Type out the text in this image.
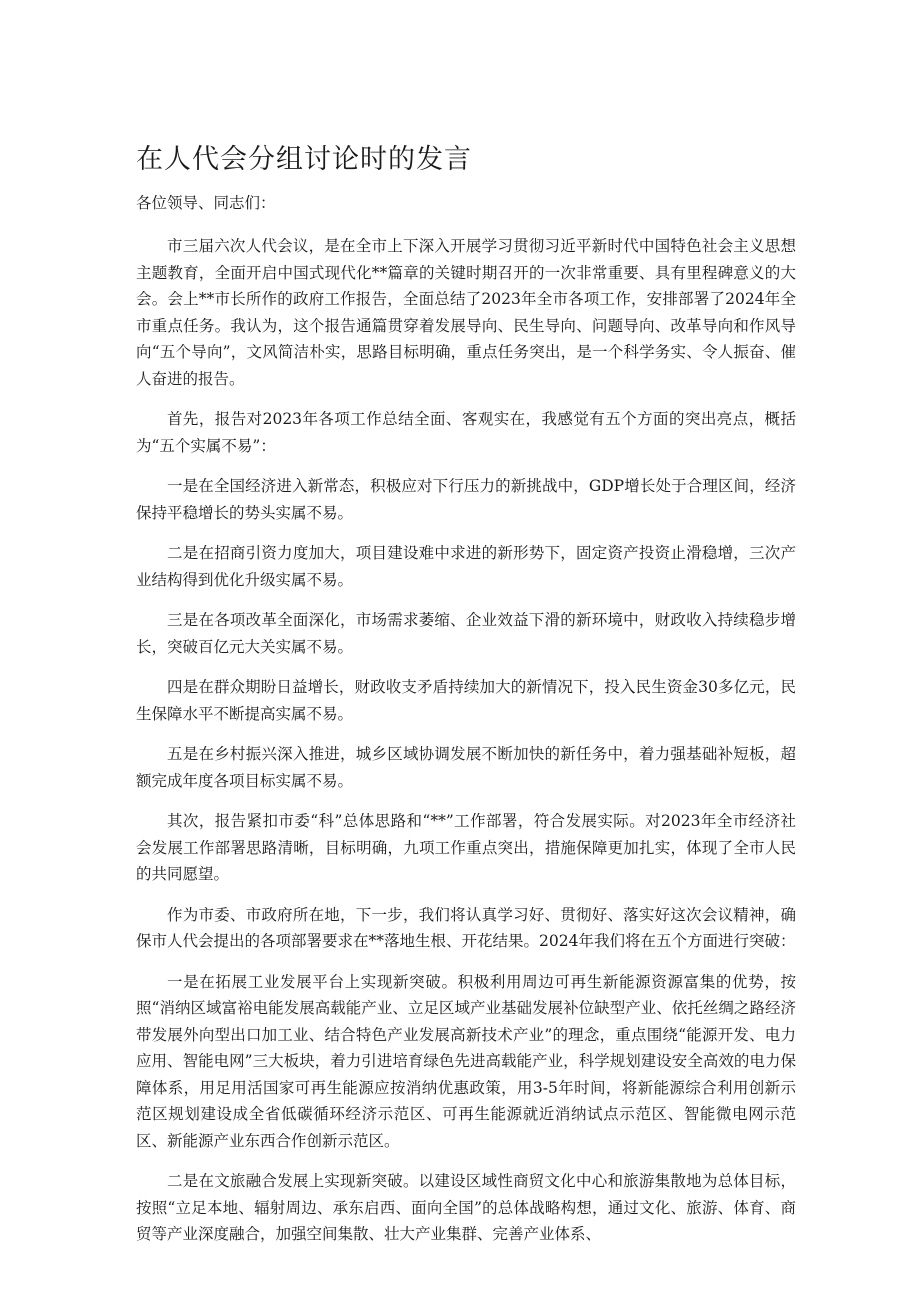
在人代会分组讨论时的发言
各位领导、同志们：

市三届六次人代会议，是在全市上下深入开展学习贯彻习近平新时代中国特色社会主义思想主题教育，全面开启中国式现代化**篇章的关键时期召开的一次非常重要、具有里程碑意义的大会。会上**市长所作的政府工作报告，全面总结了2023年全市各项工作，安排部署了2024年全市重点任务。我认为，这个报告通篇贯穿着发展导向、民生导向、问题导向、改革导向和作风导向“五个导向”，文风简洁朴实，思路目标明确，重点任务突出，是一个科学务实、令人振奋、催人奋进的报告。

首先，报告对2023年各项工作总结全面、客观实在，我感觉有五个方面的突出亮点，概括为“五个实属不易”：

一是在全国经济进入新常态，积极应对下行压力的新挑战中，GDP增长处于合理区间，经济保持平稳增长的势头实属不易。

二是在招商引资力度加大，项目建设难中求进的新形势下，固定资产投资止滑稳增，三次产业结构得到优化升级实属不易。

三是在各项改革全面深化，市场需求萎缩、企业效益下滑的新环境中，财政收入持续稳步增长，突破百亿元大关实属不易。

四是在群众期盼日益增长，财政收支矛盾持续加大的新情况下，投入民生资金30多亿元，民生保障水平不断提高实属不易。

五是在乡村振兴深入推进，城乡区域协调发展不断加快的新任务中，着力强基础补短板，超额完成年度各项目标实属不易。

其次，报告紧扣市委“科”总体思路和“**”工作部署，符合发展实际。对2023年全市经济社会发展工作部署思路清晰，目标明确，九项工作重点突出，措施保障更加扎实，体现了全市人民的共同愿望。

作为市委、市政府所在地，下一步，我们将认真学习好、贯彻好、落实好这次会议精神，确保市人代会提出的各项部署要求在**落地生根、开花结果。2024年我们将在五个方面进行突破：

一是在拓展工业发展平台上实现新突破。积极利用周边可再生新能源资源富集的优势，按照“消纳区域富裕电能发展高载能产业、立足区域产业基础发展补位缺型产业、依托丝绸之路经济带发展外向型出口加工业、结合特色产业发展高新技术产业”的理念，重点围绕“能源开发、电力应用、智能电网”三大板块，着力引进培育绿色先进高载能产业，科学规划建设安全高效的电力保障体系，用足用活国家可再生能源应按消纳优惠政策，用3-5年时间，将新能源综合利用创新示范区规划建设成全省低碳循环经济示范区、可再生能源就近消纳试点示范区、智能微电网示范区、新能源产业东西合作创新示范区。

二是在文旅融合发展上实现新突破。以建设区域性商贸文化中心和旅游集散地为总体目标，按照“立足本地、辐射周边、承东启西、面向全国”的总体战略构想，通过文化、旅游、体育、商贸等产业深度融合，加强空间集散、壮大产业集群、完善产业体系、
